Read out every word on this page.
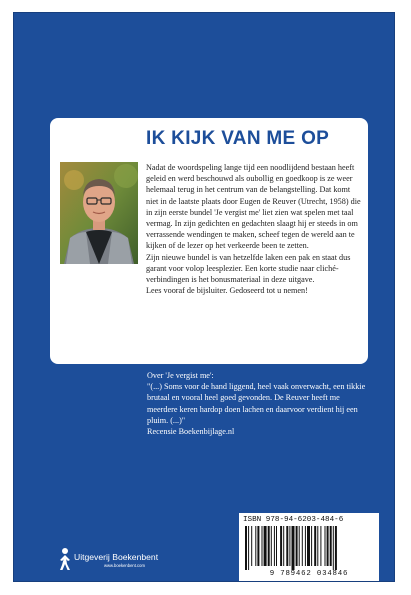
IK KIJK VAN ME OP

Nadat de woordspeling lange tijd een noodlijdend bestaan heeft geleid en werd beschouwd als oubollig en goedkoop is ze weer helemaal terug in het centrum van de belangstelling. Dat komt niet in de laatste plaats door Eugen de Reuver (Utrecht, 1958) die in zijn eerste bundel 'Je vergist me' liet zien wat spelen met taal vermag. In zijn gedichten en gedachten slaagt hij er steeds in om verrassende wendingen te maken, scheef tegen de wereld aan te kijken of de lezer op het verkeerde been te zetten.

Zijn nieuwe bundel is van hetzelfde laken een pak en staat dus garant voor volop leesplezier. Een korte studie naar cliché-verbindingen is het bonusmateriaal in deze uitgave.

Lees vooraf de bijsluiter. Gedoseerd tot u nemen!

Over 'Je vergist me':

"(...) Soms voor de hand liggend, heel vaak onverwacht, een tikkie brutaal en vooral heel goed gevonden. De Reuver heeft me meerdere keren hardop doen lachen en daarvoor verdient hij een pluim. (...)"

Recensie Boekenbijlage.nl

Uitgeverij Boekenbent
www.boekenbent.com
ISBN 978-94-6203-484-6
9 789462 034846
